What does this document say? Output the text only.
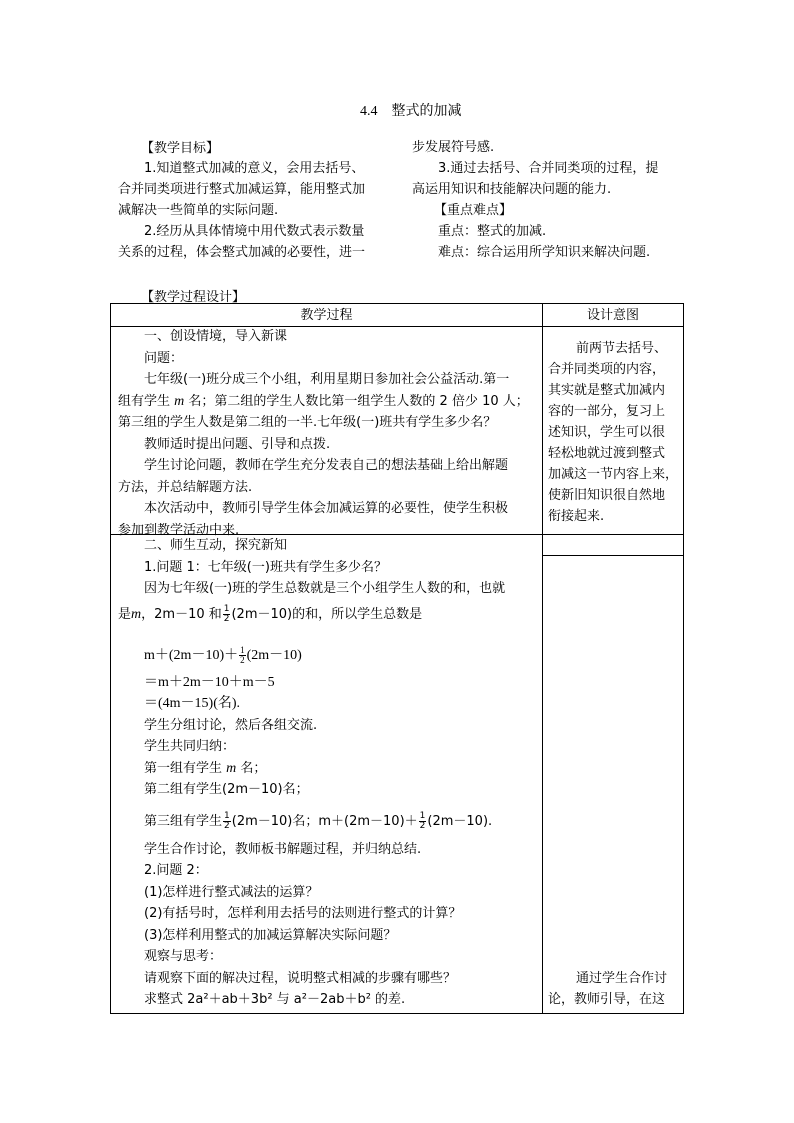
4.4　整式的加减
【教学目标】
1.知道整式加减的意义，会用去括号、
合并同类项进行整式加减运算，能用整式加
减解决一些简单的实际问题.
2.经历从具体情境中用代数式表示数量
关系的过程，体会整式加减的必要性，进一
步发展符号感.
3.通过去括号、合并同类项的过程，提
高运用知识和技能解决问题的能力.
【重点难点】
重点：整式的加减.
难点：综合运用所学知识来解决问题.
【教学过程设计】
教学过程	设计意图
一、创设情境，导入新课
问题：
七年级(一)班分成三个小组，利用星期日参加社会公益活动.第一
组有学生 m 名；第二组的学生人数比第一组学生人数的 2 倍少 10 人；
第三组的学生人数是第二组的一半.七年级(一)班共有学生多少名？
教师适时提出问题、引导和点拨.
学生讨论问题，教师在学生充分发表自己的想法基础上给出解题
方法，并总结解题方法.
本次活动中，教师引导学生体会加减运算的必要性，使学生积极
参加到教学活动中来.
前两节去括号、
合并同类项的内容，
其实就是整式加减内
容的一部分，复习上
述知识，学生可以很
轻松地就过渡到整式
加减这一节内容上来，
使新旧知识很自然地
衔接起来.
二、师生互动，探究新知
1.问题 1：七年级(一)班共有学生多少名？
因为七年级(一)班的学生总数就是三个小组学生人数的和，也就
是m，2m－10 和 $\frac{1}{2} (2m-10)$的和，所以学生总数是
$m+(2m-10)+ \frac{1}{2} (2m-10)$
＝m＋2m－10＋m－5
＝(4m－15)(名).
学生分组讨论，然后各组交流.
学生共同归纳：
第一组有学生 m 名；
第二组有学生(2m－10)名；
第三组有学生 $\frac{1}{2} (2m-10)$名；$m+(2m-10)+ \frac{1}{2} (2m-10)$.
学生合作讨论，教师板书解题过程，并归纳总结.
2.问题 2：
(1)怎样进行整式减法的运算？
(2)有括号时，怎样利用去括号的法则进行整式的计算？
(3)怎样利用整式的加减运算解决实际问题？
观察与思考：
请观察下面的解决过程，说明整式相减的步骤有哪些？
求整式 2a²＋ab＋3b² 与 a²－2ab＋b² 的差.
通过学生合作讨
论，教师引导，在这
